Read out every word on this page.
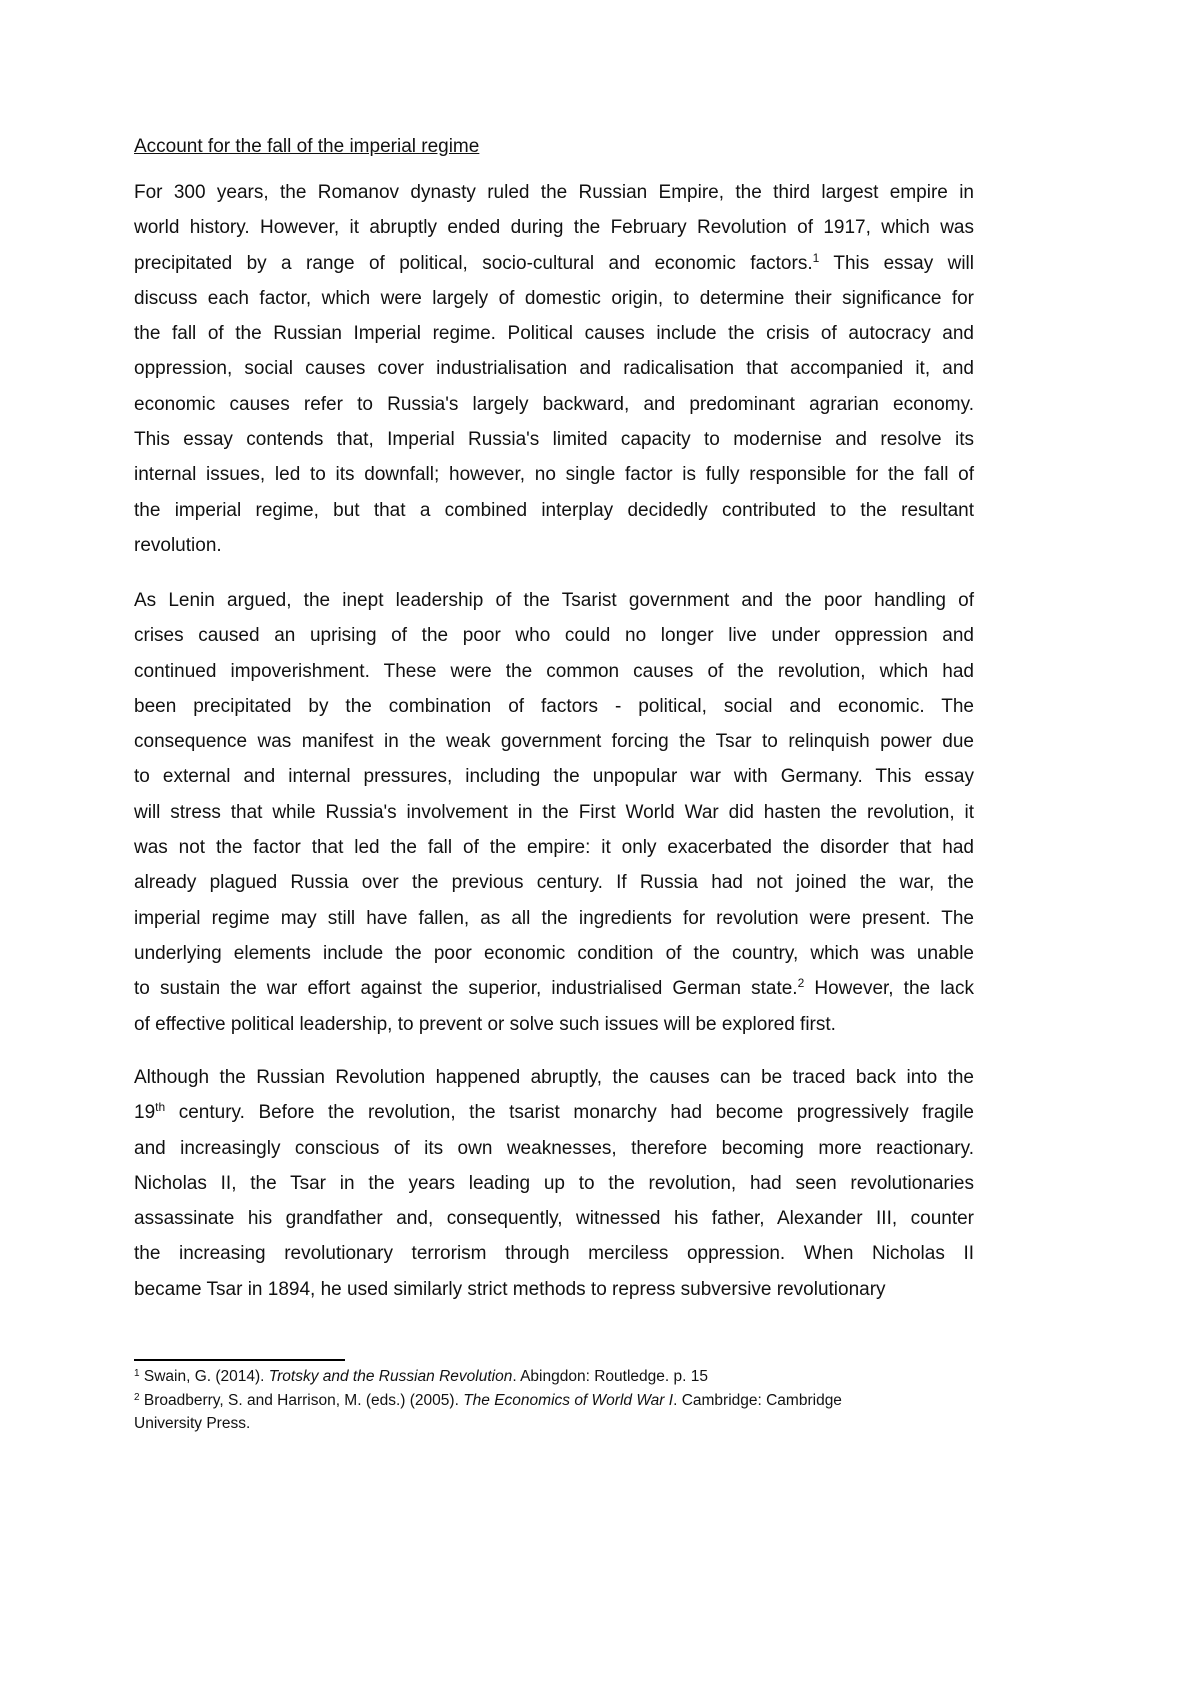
Account for the fall of the imperial regime
For 300 years, the Romanov dynasty ruled the Russian Empire, the third largest empire in
world history. However, it abruptly ended during the February Revolution of 1917, which was
precipitated by a range of political, socio-cultural and economic factors.$^1$ This essay will
discuss each factor, which were largely of domestic origin, to determine their significance for
the fall of the Russian Imperial regime. Political causes include the crisis of autocracy and
oppression, social causes cover industrialisation and radicalisation that accompanied it, and
economic causes refer to Russia's largely backward, and predominant agrarian economy.
This essay contends that, Imperial Russia's limited capacity to modernise and resolve its
internal issues, led to its downfall; however, no single factor is fully responsible for the fall of
the imperial regime, but that a combined interplay decidedly contributed to the resultant
revolution.
As Lenin argued, the inept leadership of the Tsarist government and the poor handling of
crises caused an uprising of the poor who could no longer live under oppression and
continued impoverishment. These were the common causes of the revolution, which had
been precipitated by the combination of factors - political, social and economic. The
consequence was manifest in the weak government forcing the Tsar to relinquish power due
to external and internal pressures, including the unpopular war with Germany. This essay
will stress that while Russia's involvement in the First World War did hasten the revolution, it
was not the factor that led the fall of the empire: it only exacerbated the disorder that had
already plagued Russia over the previous century. If Russia had not joined the war, the
imperial regime may still have fallen, as all the ingredients for revolution were present. The
underlying elements include the poor economic condition of the country, which was unable
to sustain the war effort against the superior, industrialised German state.$^2$ However, the lack
of effective political leadership, to prevent or solve such issues will be explored first.
Although the Russian Revolution happened abruptly, the causes can be traced back into the
19th century. Before the revolution, the tsarist monarchy had become progressively fragile
and increasingly conscious of its own weaknesses, therefore becoming more reactionary.
Nicholas II, the Tsar in the years leading up to the revolution, had seen revolutionaries
assassinate his grandfather and, consequently, witnessed his father, Alexander III, counter
the increasing revolutionary terrorism through merciless oppression. When Nicholas II
became Tsar in 1894, he used similarly strict methods to repress subversive revolutionary
$^1$ Swain, G. (2014). Trotsky and the Russian Revolution. Abingdon: Routledge. p. 15
$^2$ Broadberry, S. and Harrison, M. (eds.) (2005). The Economics of World War I. Cambridge: Cambridge University Press.
